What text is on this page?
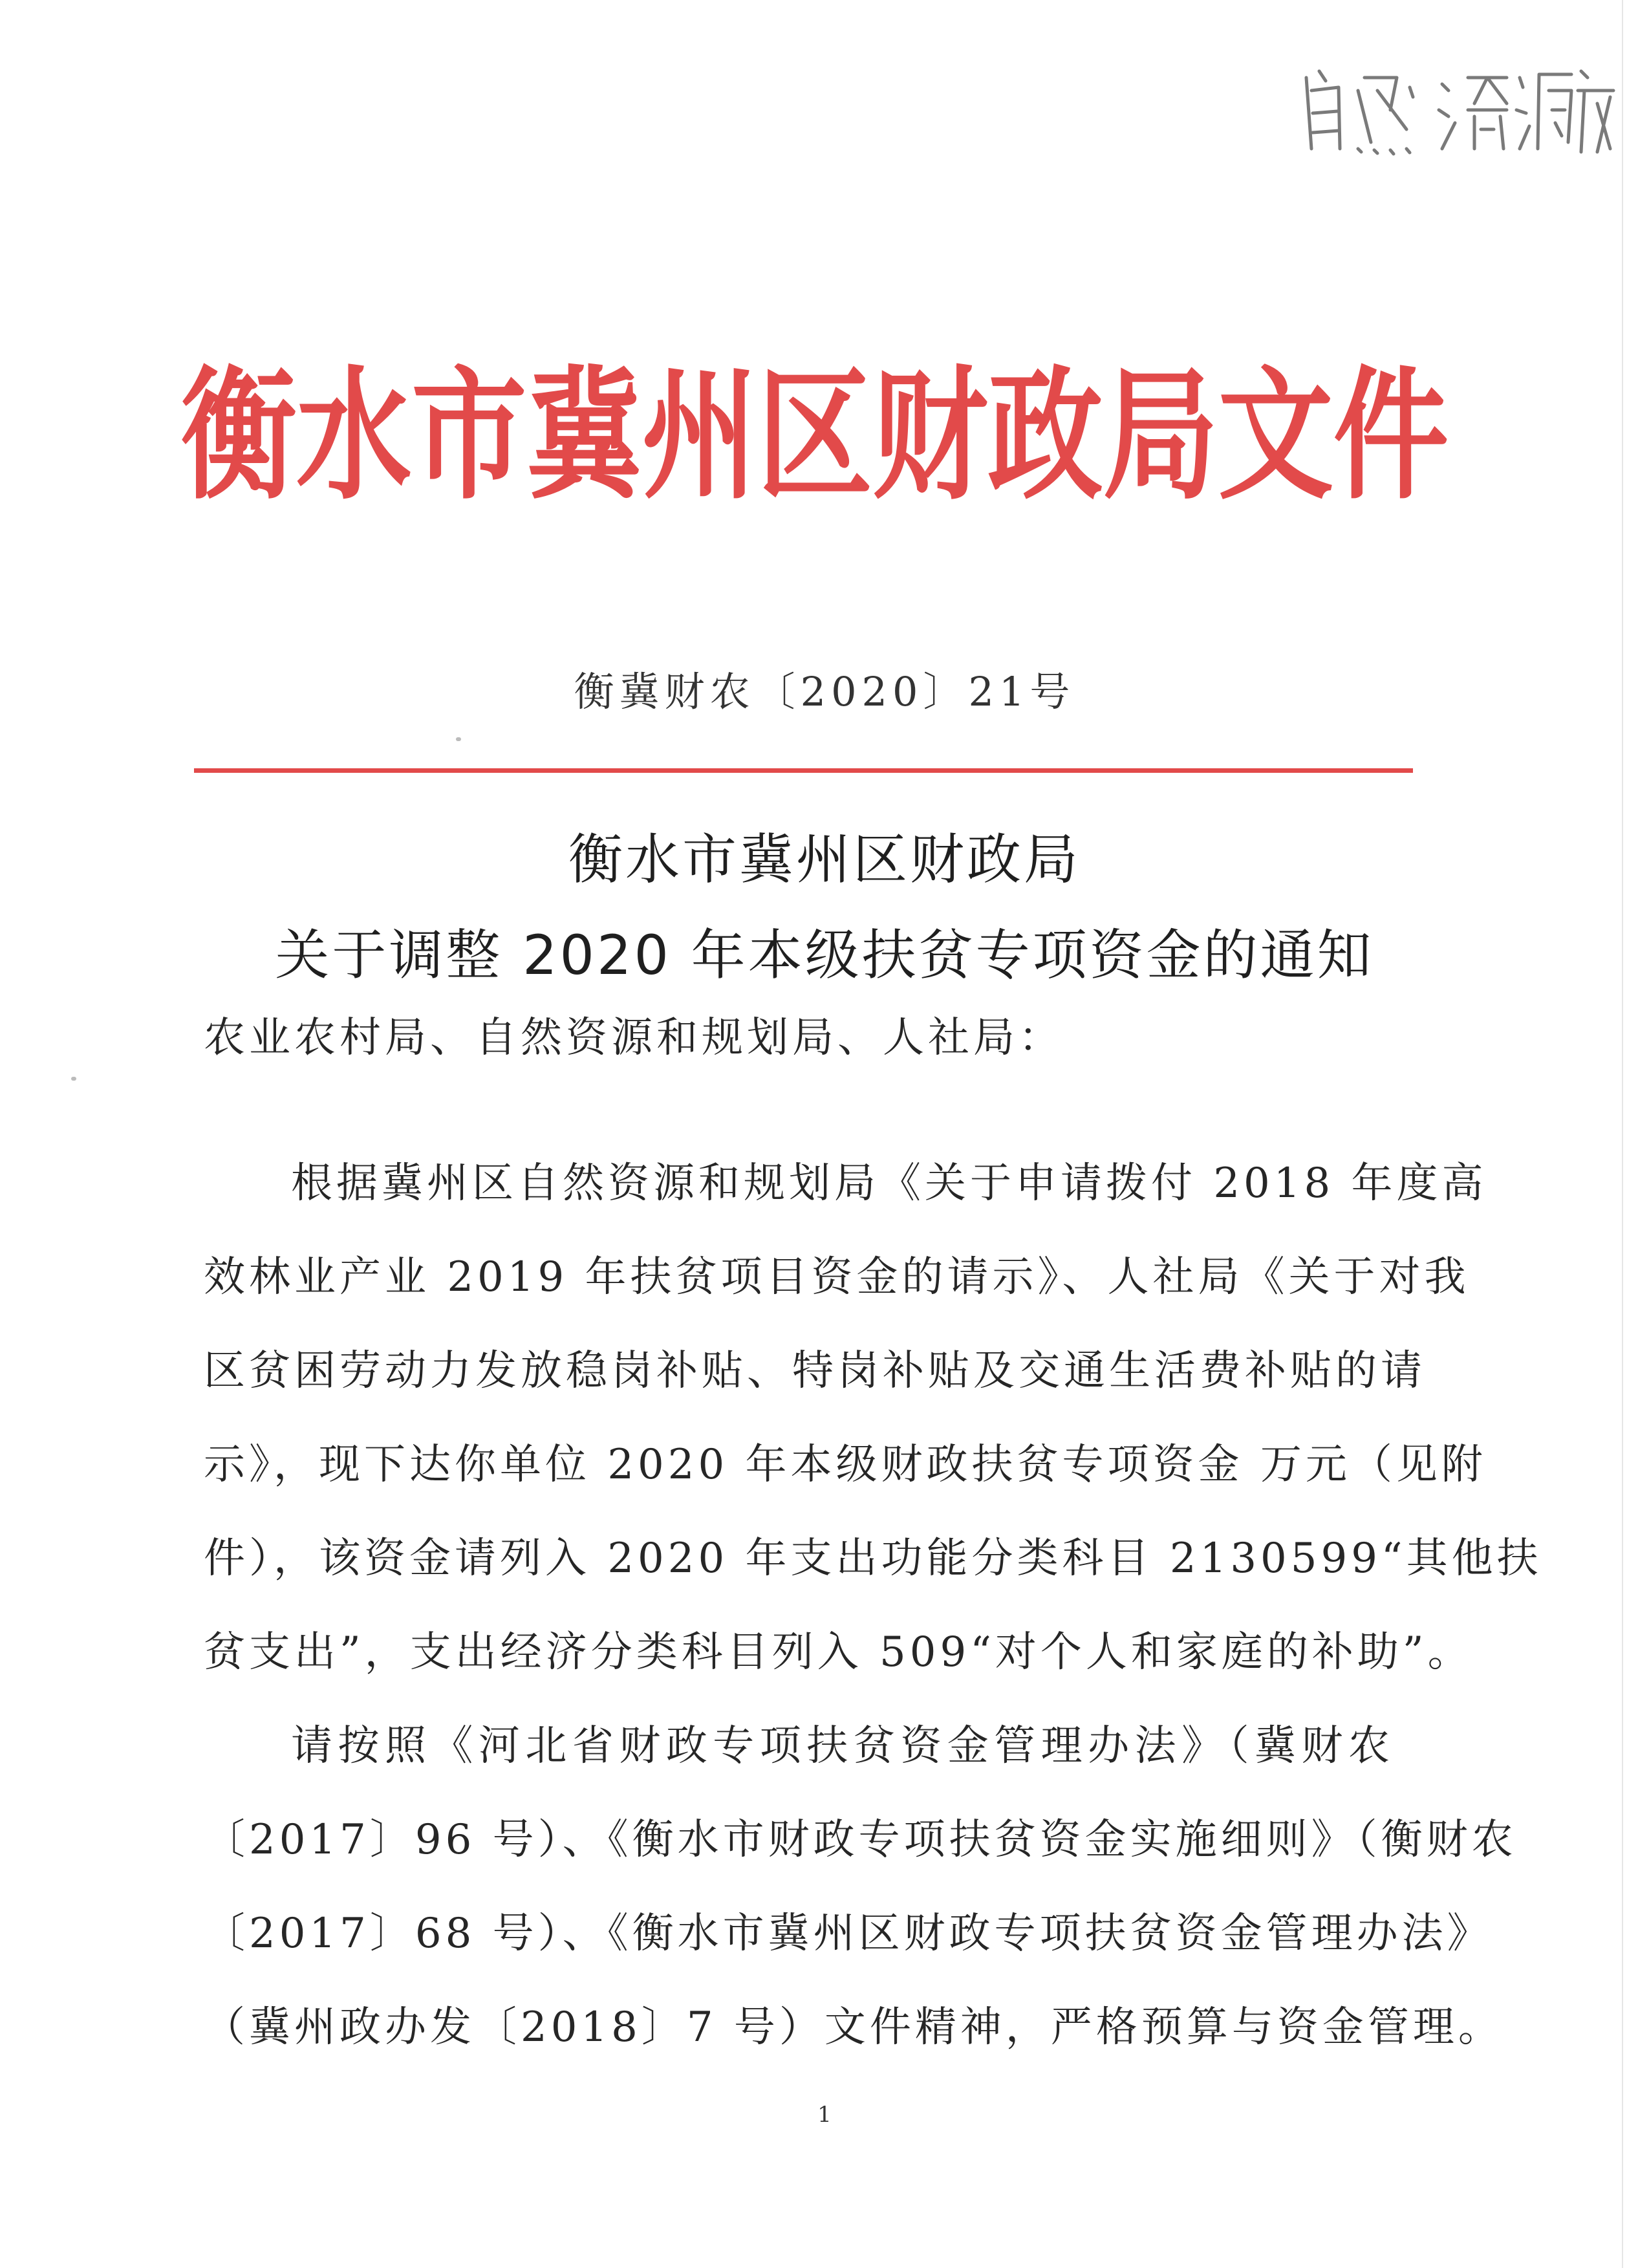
衡水市冀州区财政局文件
衡冀财农〔2020〕21号
衡水市冀州区财政局
关于调整 2020 年本级扶贫专项资金的通知
农业农村局、自然资源和规划局、人社局：
根据冀州区自然资源和规划局《关于申请拨付 2018 年度高
效林业产业 2019 年扶贫项目资金的请示》、人社局《关于对我
区贫困劳动力发放稳岗补贴、特岗补贴及交通生活费补贴的请
示》，现下达你单位 2020 年本级财政扶贫专项资金 万元（见附
件），该资金请列入 2020 年支出功能分类科目 2130599“其他扶
贫支出”，支出经济分类科目列入 509“对个人和家庭的补助”。
请按照《河北省财政专项扶贫资金管理办法》（冀财农
〔2017〕96 号）、《衡水市财政专项扶贫资金实施细则》（衡财农
〔2017〕68 号）、《衡水市冀州区财政专项扶贫资金管理办法》
（冀州政办发〔2018〕7 号）文件精神，严格预算与资金管理。
1
